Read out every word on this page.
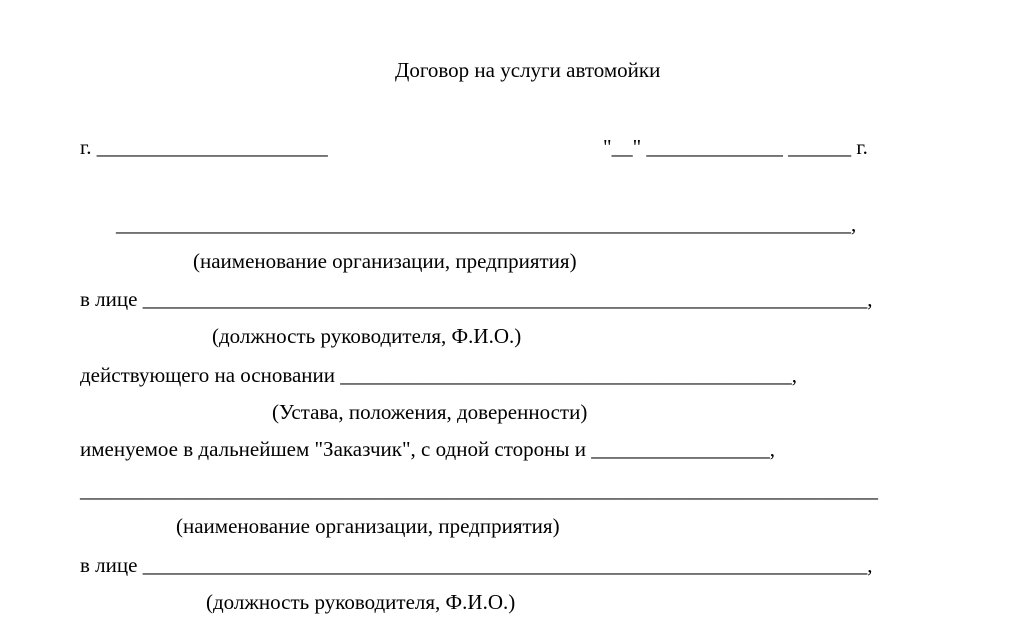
Договор на услуги автомойки
г. ______________________	"__" _____________ ______ г.
______________________________________________________________________,
(наименование организации, предприятия)
в лице _____________________________________________________________________,
(должность руководителя, Ф.И.О.)
действующего на основании ___________________________________________,
(Устава, положения, доверенности)
именуемое в дальнейшем "Заказчик", с одной стороны и _________________,
____________________________________________________________________________
(наименование организации, предприятия)
в лице _____________________________________________________________________,
(должность руководителя, Ф.И.О.)
